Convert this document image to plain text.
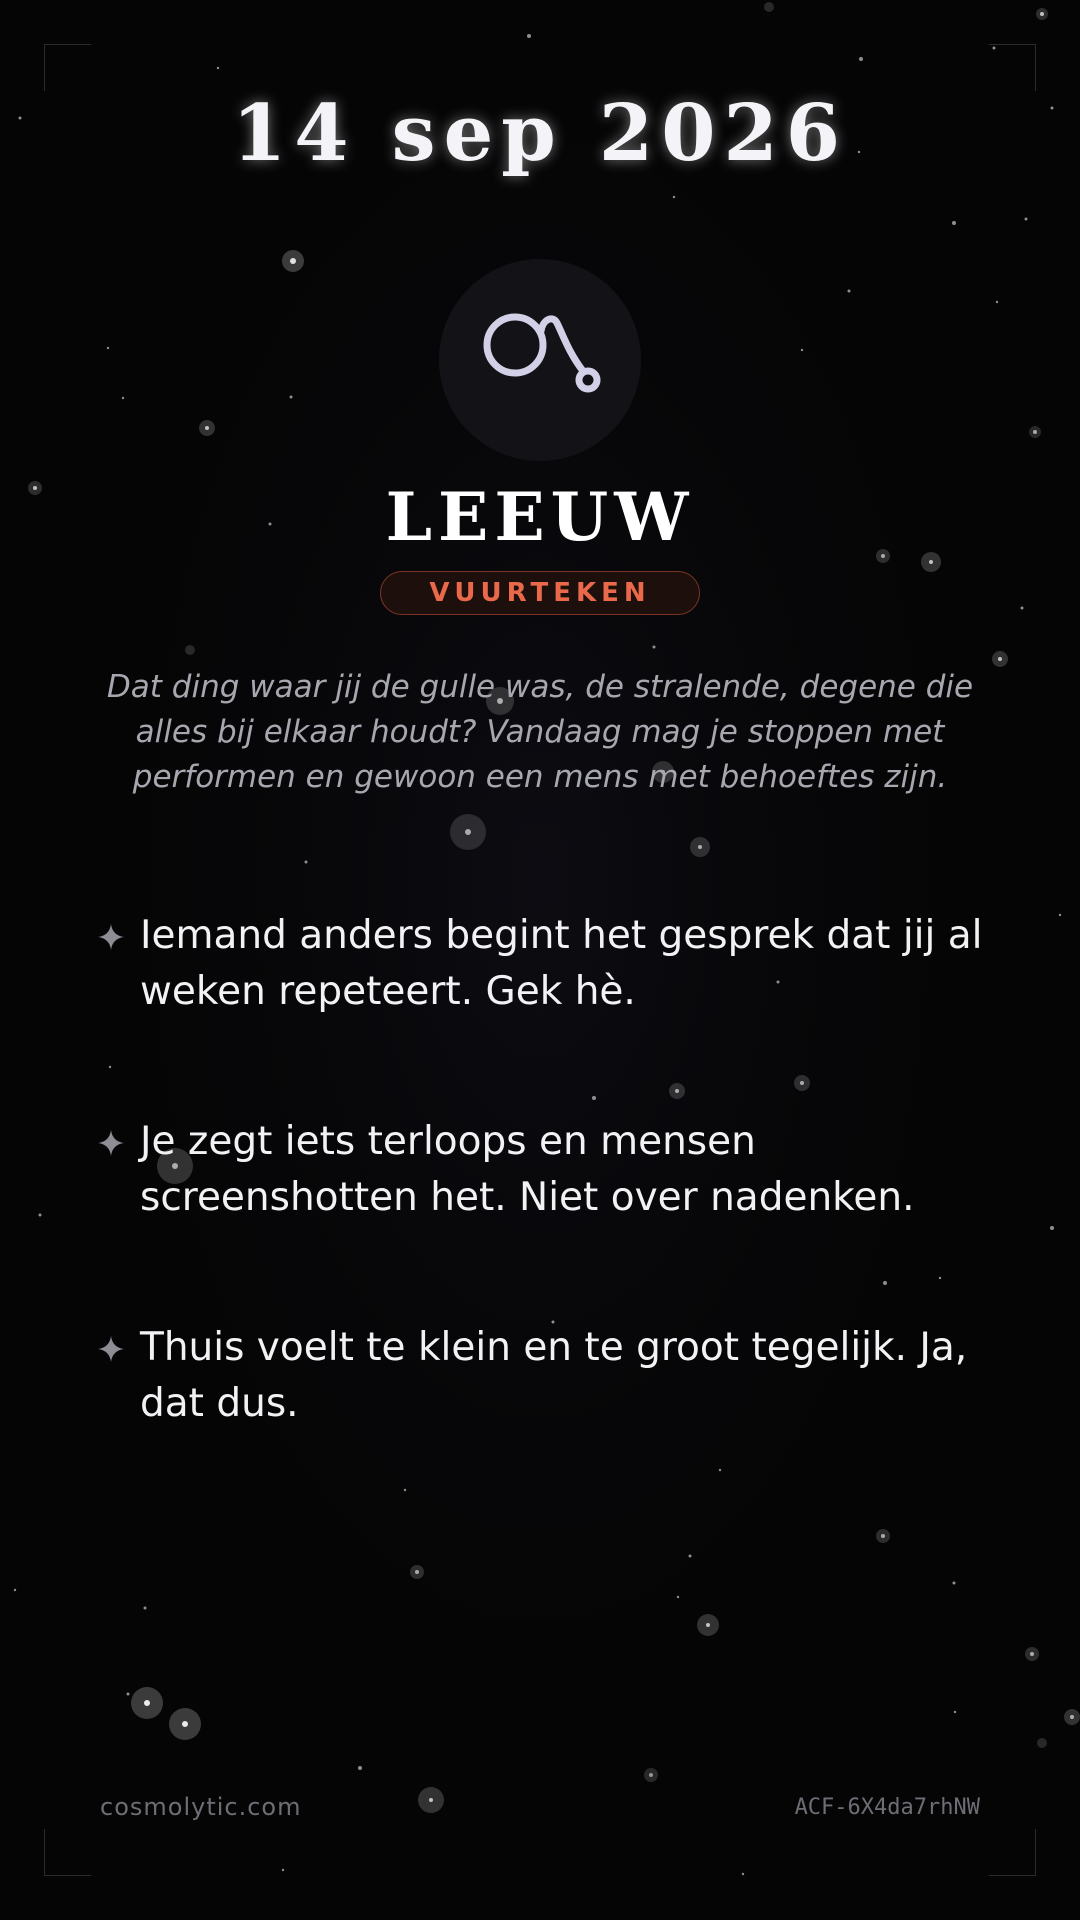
14 sep 2026
LEEUW
VUURTEKEN
Dat ding waar jij de gulle was, de stralende, degene die alles bij elkaar houdt? Vandaag mag je stoppen met performen en gewoon een mens met behoeftes zijn.
Iemand anders begint het gesprek dat jij al weken repeteert. Gek hè.
Je zegt iets terloops en mensen screenshotten het. Niet over nadenken.
Thuis voelt te klein en te groot tegelijk. Ja, dat dus.
cosmolytic.com	ACF-6X4da7rhNW
